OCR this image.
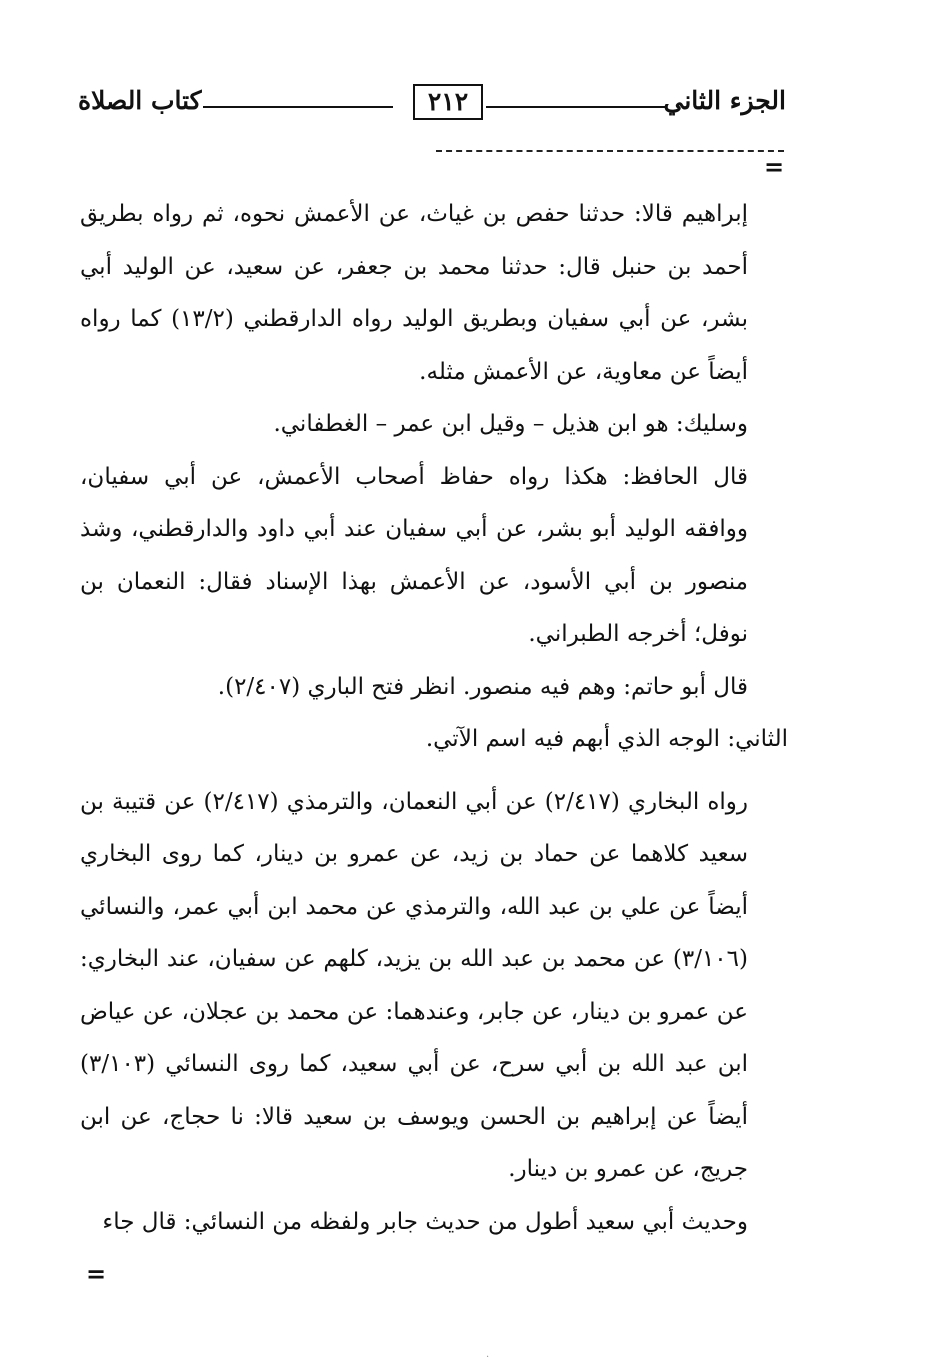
الجزء الثاني
٢١٢
كتاب الصلاة
=

إبراهيم قالا: حدثنا حفص بن غياث، عن الأعمش نحوه، ثم رواه بطريق أحمد بن حنبل قال: حدثنا محمد بن جعفر، عن سعيد، عن الوليد أبي بشر، عن أبي سفيان وبطريق الوليد رواه الدارقطني (١٣/٢) كما رواه أيضاً عن معاوية، عن الأعمش مثله.

وسليك: هو ابن هذيل – وقيل ابن عمر – الغطفاني.

قال الحافظ: هكذا رواه حفاظ أصحاب الأعمش، عن أبي سفيان، ووافقه الوليد أبو بشر، عن أبي سفيان عند أبي داود والدارقطني، وشذ منصور بن أبي الأسود، عن الأعمش بهذا الإسناد فقال: النعمان بن نوفل؛ أخرجه الطبراني.

قال أبو حاتم: وهم فيه منصور. انظر فتح الباري (٢/٤٠٧).

الثاني: الوجه الذي أبهم فيه اسم الآتي.

رواه البخاري (٢/٤١٧) عن أبي النعمان، والترمذي (٢/٤١٧) عن قتيبة بن سعيد كلاهما عن حماد بن زيد، عن عمرو بن دينار، كما روى البخاري أيضاً عن علي بن عبد الله، والترمذي عن محمد ابن أبي عمر، والنسائي (٣/١٠٦) عن محمد بن عبد الله بن يزيد، كلهم عن سفيان، عند البخاري: عن عمرو بن دينار، عن جابر، وعندهما: عن محمد بن عجلان، عن عياض ابن عبد الله بن أبي سرح، عن أبي سعيد، كما روى النسائي (٣/١٠٣) أيضاً عن إبراهيم بن الحسن ويوسف بن سعيد قالا: نا حجاج، عن ابن جريج، عن عمرو بن دينار.

وحديث أبي سعيد أطول من حديث جابر ولفظه من النسائي: قال جاء

=
·
